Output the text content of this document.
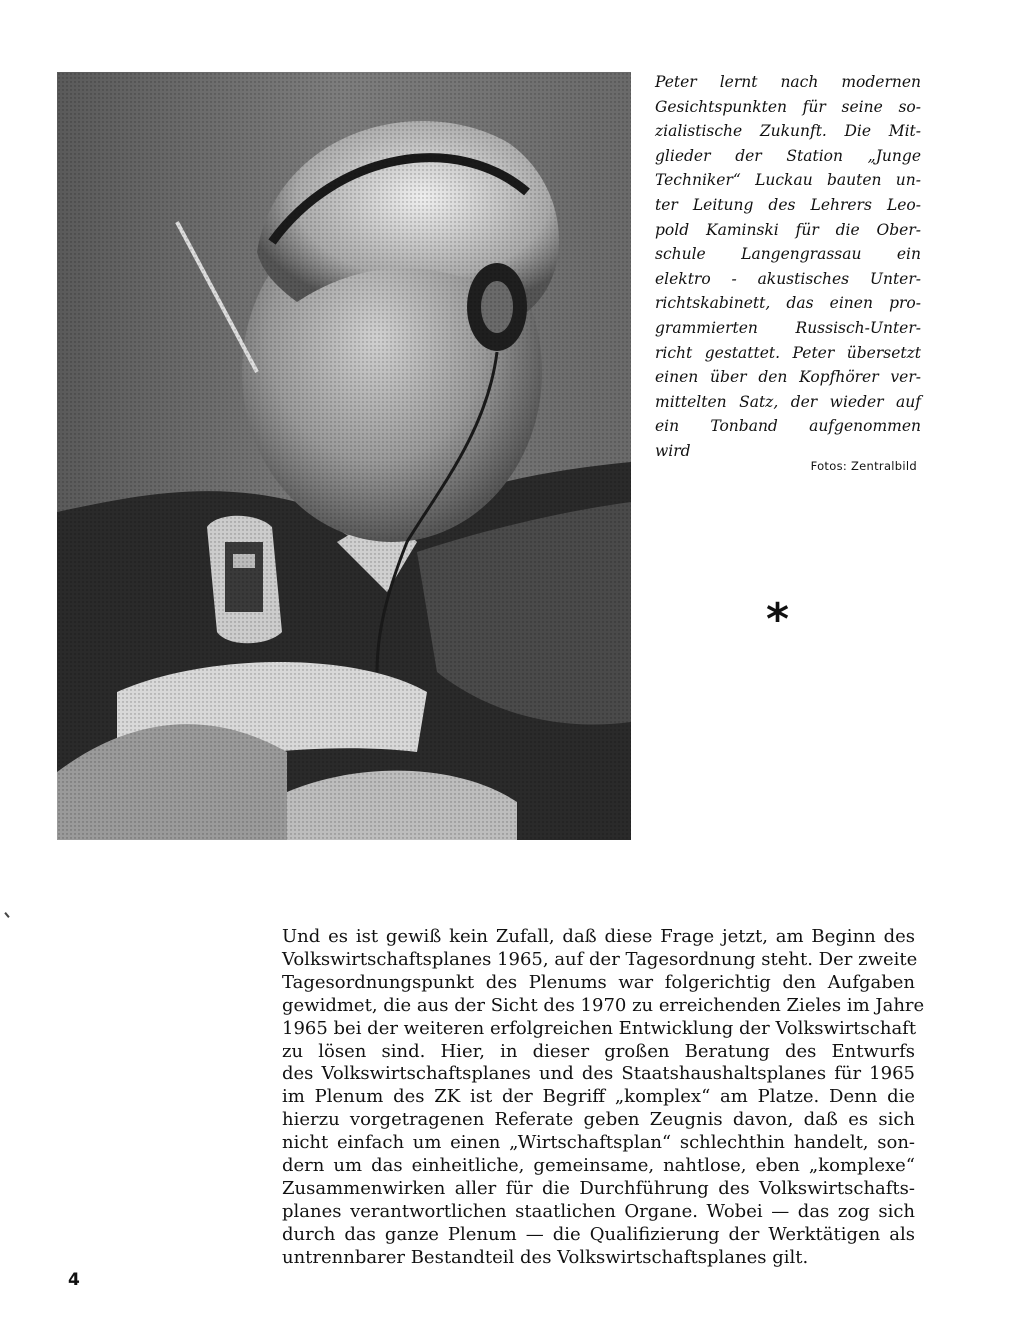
Peter lernt nach modernen
Gesichtspunkten für seine so-
zialistische Zukunft. Die Mit-
glieder der Station „Junge
Techniker“ Luckau bauten un-
ter Leitung des Lehrers Leo-
pold Kaminski für die Ober-
schule Langengrassau ein
elektro - akustisches Unter-
richtskabinett, das einen pro-
grammierten Russisch-Unter-
richt gestattet. Peter übersetzt
einen über den Kopfhörer ver-
mittelten Satz, der wieder auf
ein Tonband aufgenommen
wird
Fotos: Zentralbild
*
Und es ist gewiß kein Zufall, daß diese Frage jetzt, am Beginn des
Volkswirtschaftsplanes 1965, auf der Tagesordnung steht. Der zweite
Tagesordnungspunkt des Plenums war folgerichtig den Aufgaben
gewidmet, die aus der Sicht des 1970 zu erreichenden Zieles im Jahre
1965 bei der weiteren erfolgreichen Entwicklung der Volkswirtschaft
zu lösen sind. Hier, in dieser großen Beratung des Entwurfs
des Volkswirtschaftsplanes und des Staatshaushaltsplanes für 1965
im Plenum des ZK ist der Begriff „komplex“ am Platze. Denn die
hierzu vorgetragenen Referate geben Zeugnis davon, daß es sich
nicht einfach um einen „Wirtschaftsplan“ schlechthin handelt, son-
dern um das einheitliche, gemeinsame, nahtlose, eben „komplexe“
Zusammenwirken aller für die Durchführung des Volkswirtschafts-
planes verantwortlichen staatlichen Organe. Wobei — das zog sich
durch das ganze Plenum — die Qualifizierung der Werktätigen als
untrennbarer Bestandteil des Volkswirtschaftsplanes gilt.
4
